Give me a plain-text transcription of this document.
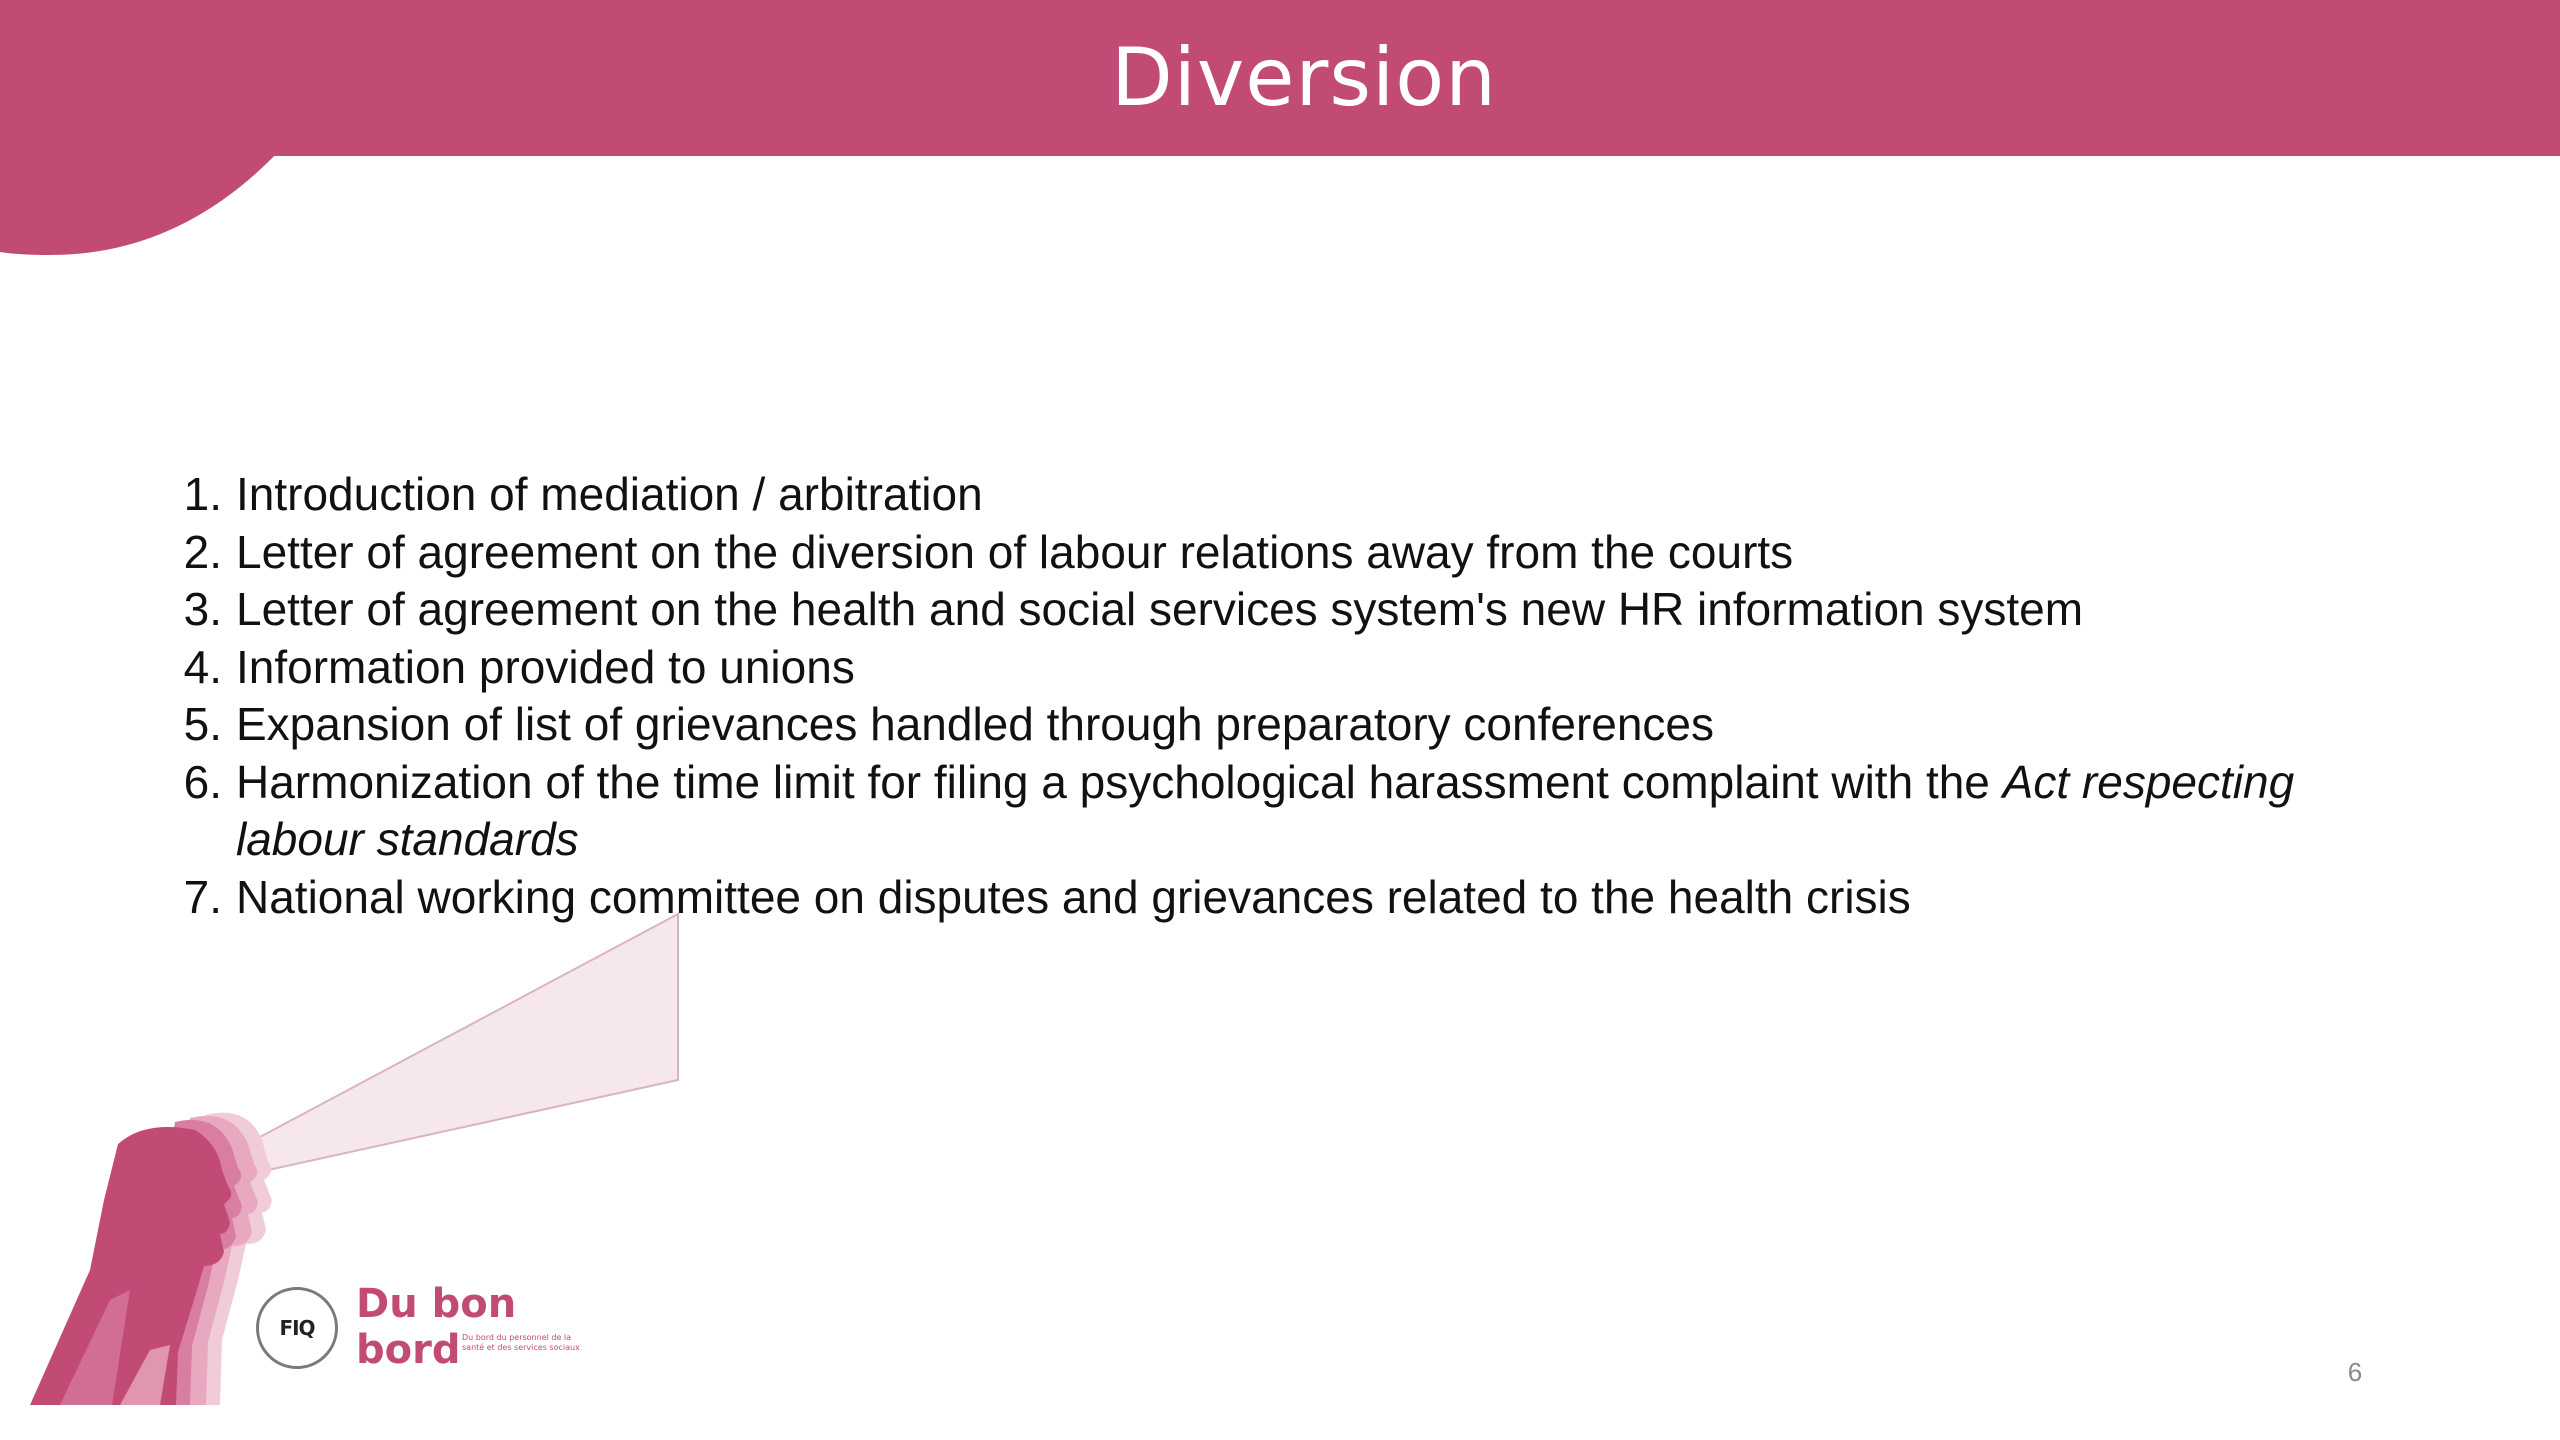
Diversion
1. Introduction of mediation / arbitration
2. Letter of agreement on the diversion of labour relations away from the courts
3. Letter of agreement on the health and social services system's new HR information system
4. Information provided to unions
5. Expansion of list of grievances handled through preparatory conferences
6. Harmonization of the time limit for filing a psychological harassment complaint with the Act respecting labour standards
7. National working committee on disputes and grievances related to the health crisis
FIQ
Du bon
bord Du bord du personnel de la santé et des services sociaux
6
